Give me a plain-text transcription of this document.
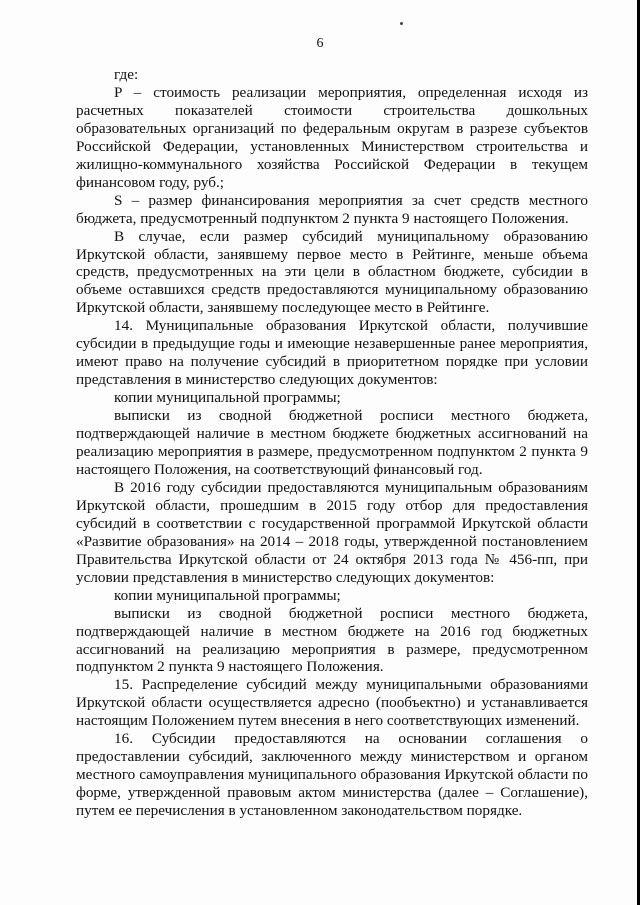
6

где:

P – стоимость реализации мероприятия, определенная исходя из расчетных показателей стоимости строительства дошкольных образовательных организаций по федеральным округам в разрезе субъектов Российской Федерации, установленных Министерством строительства и жилищно-коммунального хозяйства Российской Федерации в текущем финансовом году, руб.;

S – размер финансирования мероприятия за счет средств местного бюджета, предусмотренный подпунктом 2 пункта 9 настоящего Положения.

В случае, если размер субсидий муниципальному образованию Иркутской области, занявшему первое место в Рейтинге, меньше объема средств, предусмотренных на эти цели в областном бюджете, субсидии в объеме оставшихся средств предоставляются муниципальному образованию Иркутской области, занявшему последующее место в Рейтинге.

14. Муниципальные образования Иркутской области, получившие субсидии в предыдущие годы и имеющие незавершенные ранее мероприятия, имеют право на получение субсидий в приоритетном порядке при условии представления в министерство следующих документов:

копии муниципальной программы;

выписки из сводной бюджетной росписи местного бюджета, подтверждающей наличие в местном бюджете бюджетных ассигнований на реализацию мероприятия в размере, предусмотренном подпунктом 2 пункта 9 настоящего Положения, на соответствующий финансовый год.

В 2016 году субсидии предоставляются муниципальным образованиям Иркутской области, прошедшим в 2015 году отбор для предоставления субсидий в соответствии с государственной программой Иркутской области «Развитие образования» на 2014 – 2018 годы, утвержденной постановлением Правительства Иркутской области от 24 октября 2013 года № 456-пп, при условии представления в министерство следующих документов:

копии муниципальной программы;

выписки из сводной бюджетной росписи местного бюджета, подтверждающей наличие в местном бюджете на 2016 год бюджетных ассигнований на реализацию мероприятия в размере, предусмотренном подпунктом 2 пункта 9 настоящего Положения.

15. Распределение субсидий между муниципальными образованиями Иркутской области осуществляется адресно (пообъектно) и устанавливается настоящим Положением путем внесения в него соответствующих изменений.

16. Субсидии предоставляются на основании соглашения о предоставлении субсидий, заключенного между министерством и органом местного самоуправления муниципального образования Иркутской области по форме, утвержденной правовым актом министерства (далее – Соглашение), путем ее перечисления в установленном законодательством порядке.
